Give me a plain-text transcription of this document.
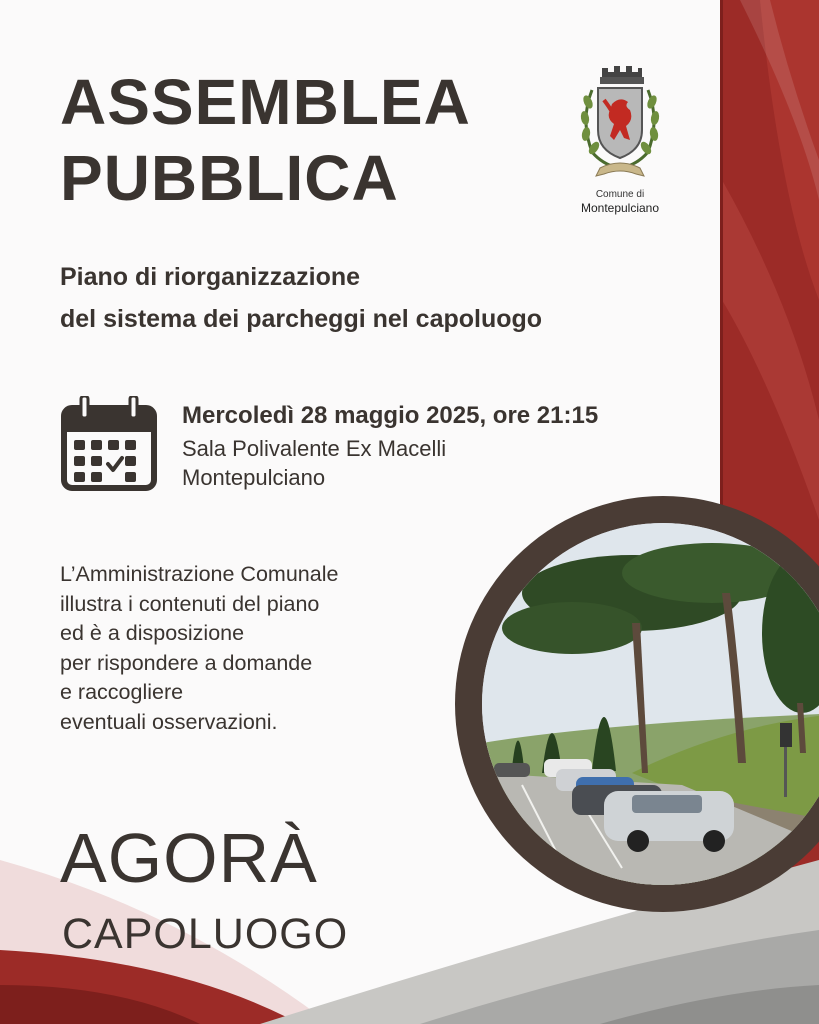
ASSEMBLEA
PUBBLICA	Comune di
Montepulciano
Piano di riorganizzazione
del sistema dei parcheggi nel capoluogo
Mercoledì 28 maggio 2025, ore 21:15
Sala Polivalente Ex Macelli
Montepulciano
L’Amministrazione Comunale
illustra i contenuti del piano
ed è a disposizione
per rispondere a domande
e raccogliere
eventuali osservazioni.
AGORÀ
CAPOLUOGO
